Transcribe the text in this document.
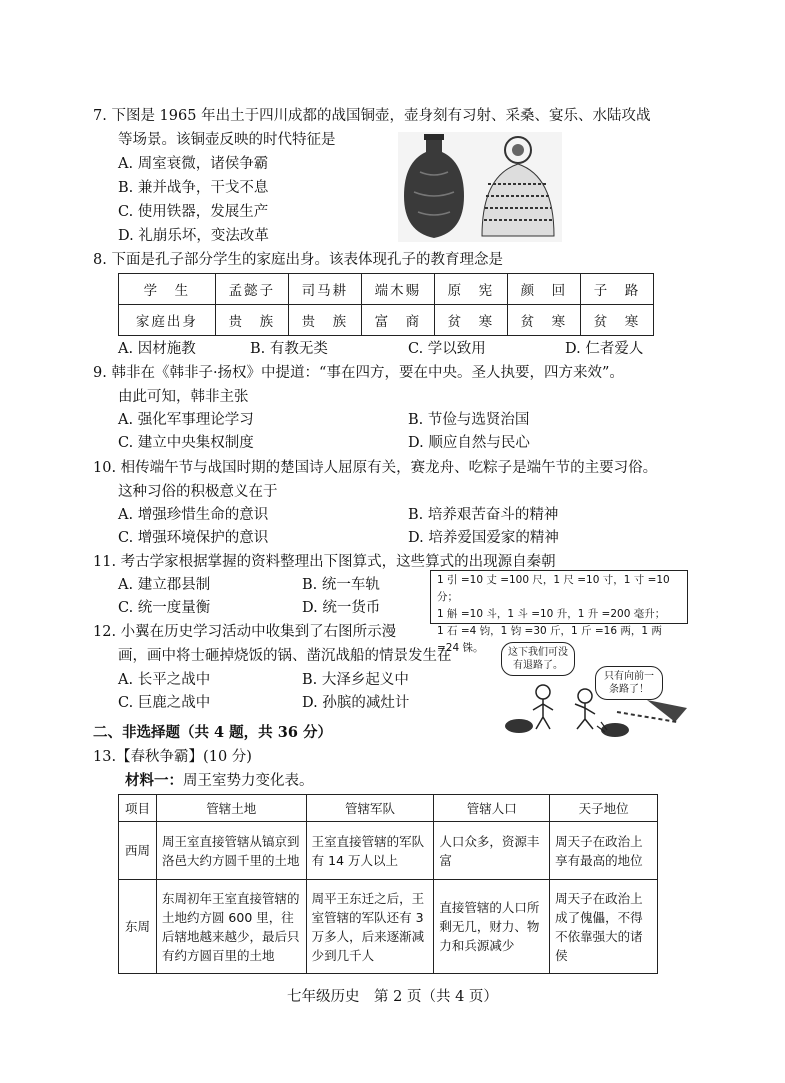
7. 下图是 1965 年出土于四川成都的战国铜壶，壶身刻有习射、采桑、宴乐、水陆攻战
等场景。该铜壶反映的时代特征是
A. 周室衰微，诸侯争霸
B. 兼并战争，干戈不息
C. 使用铁器，发展生产
D. 礼崩乐坏，变法改革
8. 下面是孔子部分学生的家庭出身。该表体现孔子的教育理念是
学　生	孟懿子	司马耕	端木赐	原　宪	颜　回	子　路
家庭出身	贵　族	贵　族	富　商	贫　寒	贫　寒	贫　寒
A. 因材施教	B. 有教无类	C. 学以致用	D. 仁者爱人
9. 韩非在《韩非子·扬权》中提道：“事在四方，要在中央。圣人执要，四方来效”。
由此可知，韩非主张
A. 强化军事理论学习	B. 节俭与选贤治国
C. 建立中央集权制度	D. 顺应自然与民心
10. 相传端午节与战国时期的楚国诗人屈原有关，赛龙舟、吃粽子是端午节的主要习俗。
这种习俗的积极意义在于
A. 增强珍惜生命的意识	B. 培养艰苦奋斗的精神
C. 增强环境保护的意识	D. 培养爱国爱家的精神
11. 考古学家根据掌握的资料整理出下图算式，这些算式的出现源自秦朝
A. 建立郡县制	B. 统一车轨
C. 统一度量衡	D. 统一货币
1 引 =10 丈 =100 尺，1 尺 =10 寸，1 寸 =10 分；
1 斛 =10 斗，1 斗 =10 升，1 升 =200 毫升；
1 石 =4 钧，1 钧 =30 斤，1 斤 =16 两，1 两 =24 铢。
12. 小翼在历史学习活动中收集到了右图所示漫
画，画中将士砸掉烧饭的锅、凿沉战船的情景发生在
A. 长平之战中	B. 大泽乡起义中
C. 巨鹿之战中	D. 孙膑的减灶计
这下我们可没有退路了。
只有向前一条路了！
二、非选择题（共 4 题，共 36 分）
13.【春秋争霸】(10 分)
材料一：周王室势力变化表。
项目	管辖土地	管辖军队	管辖人口	天子地位
西周	周王室直接管辖从镐京到洛邑大约方圆千里的土地	王室直接管辖的军队有 14 万人以上	人口众多，资源丰富	周天子在政治上享有最高的地位
东周	东周初年王室直接管辖的土地约方圆 600 里，往后辖地越来越少，最后只有约方圆百里的土地	周平王东迁之后，王室管辖的军队还有 3 万多人，后来逐渐减少到几千人	直接管辖的人口所剩无几，财力、物力和兵源减少	周天子在政治上成了傀儡，不得不依靠强大的诸侯
七年级历史　第 2 页（共 4 页）
